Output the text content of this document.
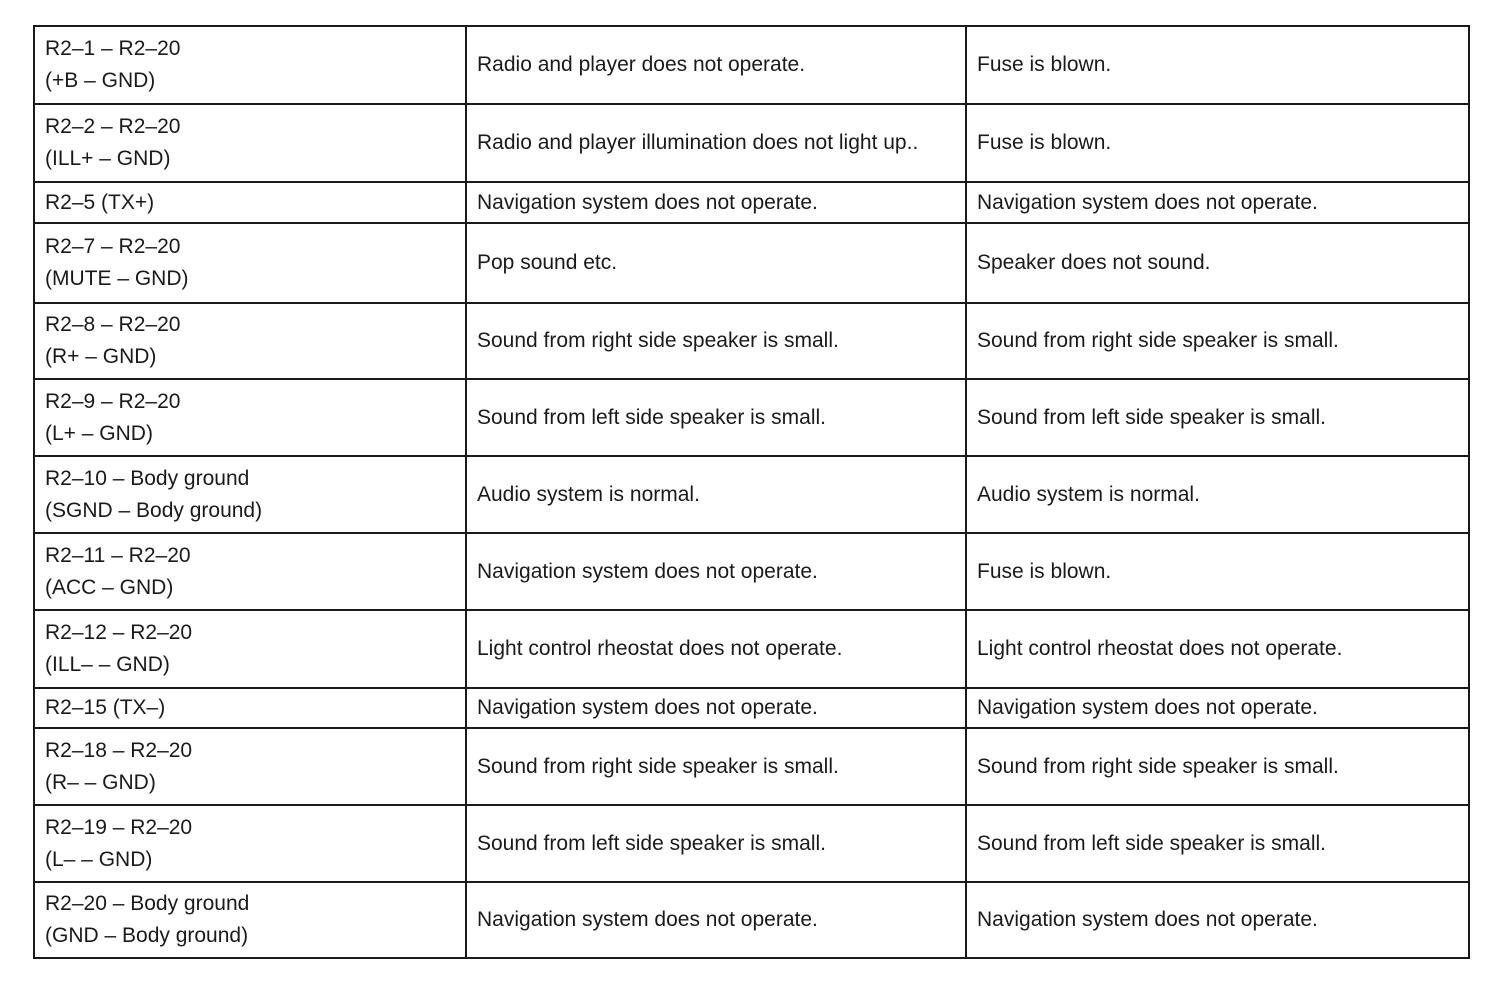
R2–1 – R2–20
(+B – GND)	Radio and player does not operate.	Fuse is blown.

R2–2 – R2–20
(ILL+ – GND)	Radio and player illumination does not light up..	Fuse is blown.

R2–5 (TX+)	Navigation system does not operate.	Navigation system does not operate.

R2–7 – R2–20
(MUTE – GND)	Pop sound etc.	Speaker does not sound.

R2–8 – R2–20
(R+ – GND)	Sound from right side speaker is small.	Sound from right side speaker is small.

R2–9 – R2–20
(L+ – GND)	Sound from left side speaker is small.	Sound from left side speaker is small.

R2–10 – Body ground
(SGND – Body ground)	Audio system is normal.	Audio system is normal.

R2–11 – R2–20
(ACC – GND)	Navigation system does not operate.	Fuse is blown.

R2–12 – R2–20
(ILL– – GND)	Light control rheostat does not operate.	Light control rheostat does not operate.

R2–15 (TX–)	Navigation system does not operate.	Navigation system does not operate.

R2–18 – R2–20
(R– – GND)	Sound from right side speaker is small.	Sound from right side speaker is small.

R2–19 – R2–20
(L– – GND)	Sound from left side speaker is small.	Sound from left side speaker is small.

R2–20 – Body ground
(GND – Body ground)	Navigation system does not operate.	Navigation system does not operate.
